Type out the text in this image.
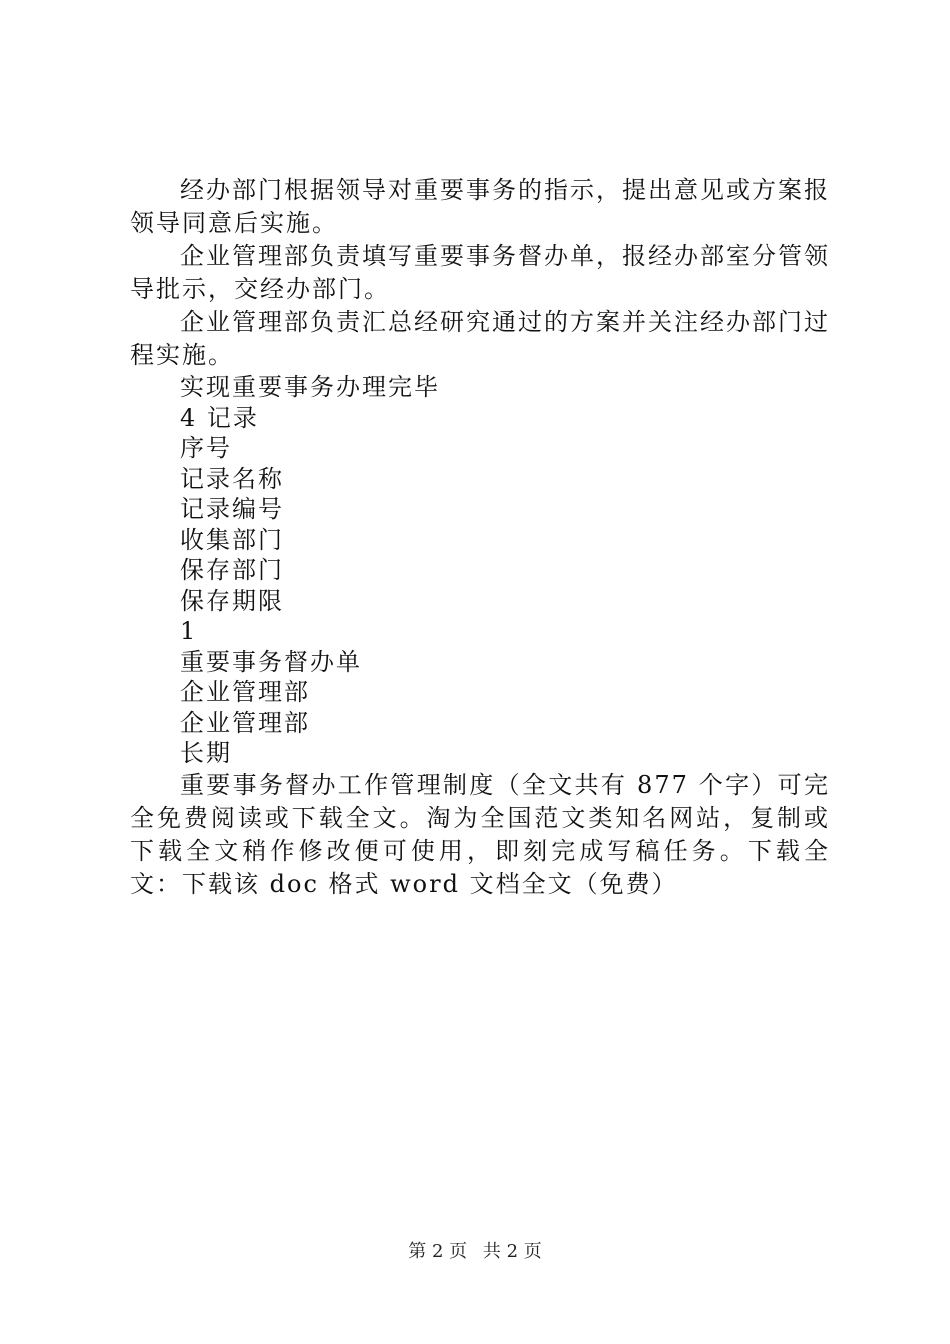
经办部门根据领导对重要事务的指示，提出意见或方案报领导同意后实施。

企业管理部负责填写重要事务督办单，报经办部室分管领导批示，交经办部门。

企业管理部负责汇总经研究通过的方案并关注经办部门过程实施。

实现重要事务办理完毕

4 记录

序号

记录名称

记录编号

收集部门

保存部门

保存期限

1

重要事务督办单

企业管理部

企业管理部

长期

重要事务督办工作管理制度（全文共有 877 个字）可完全免费阅读或下载全文。淘为全国范文类知名网站，复制或下载全文稍作修改便可使用，即刻完成写稿任务。下载全文：下载该 doc 格式 word 文档全文（免费）

第 2 页 共 2 页
